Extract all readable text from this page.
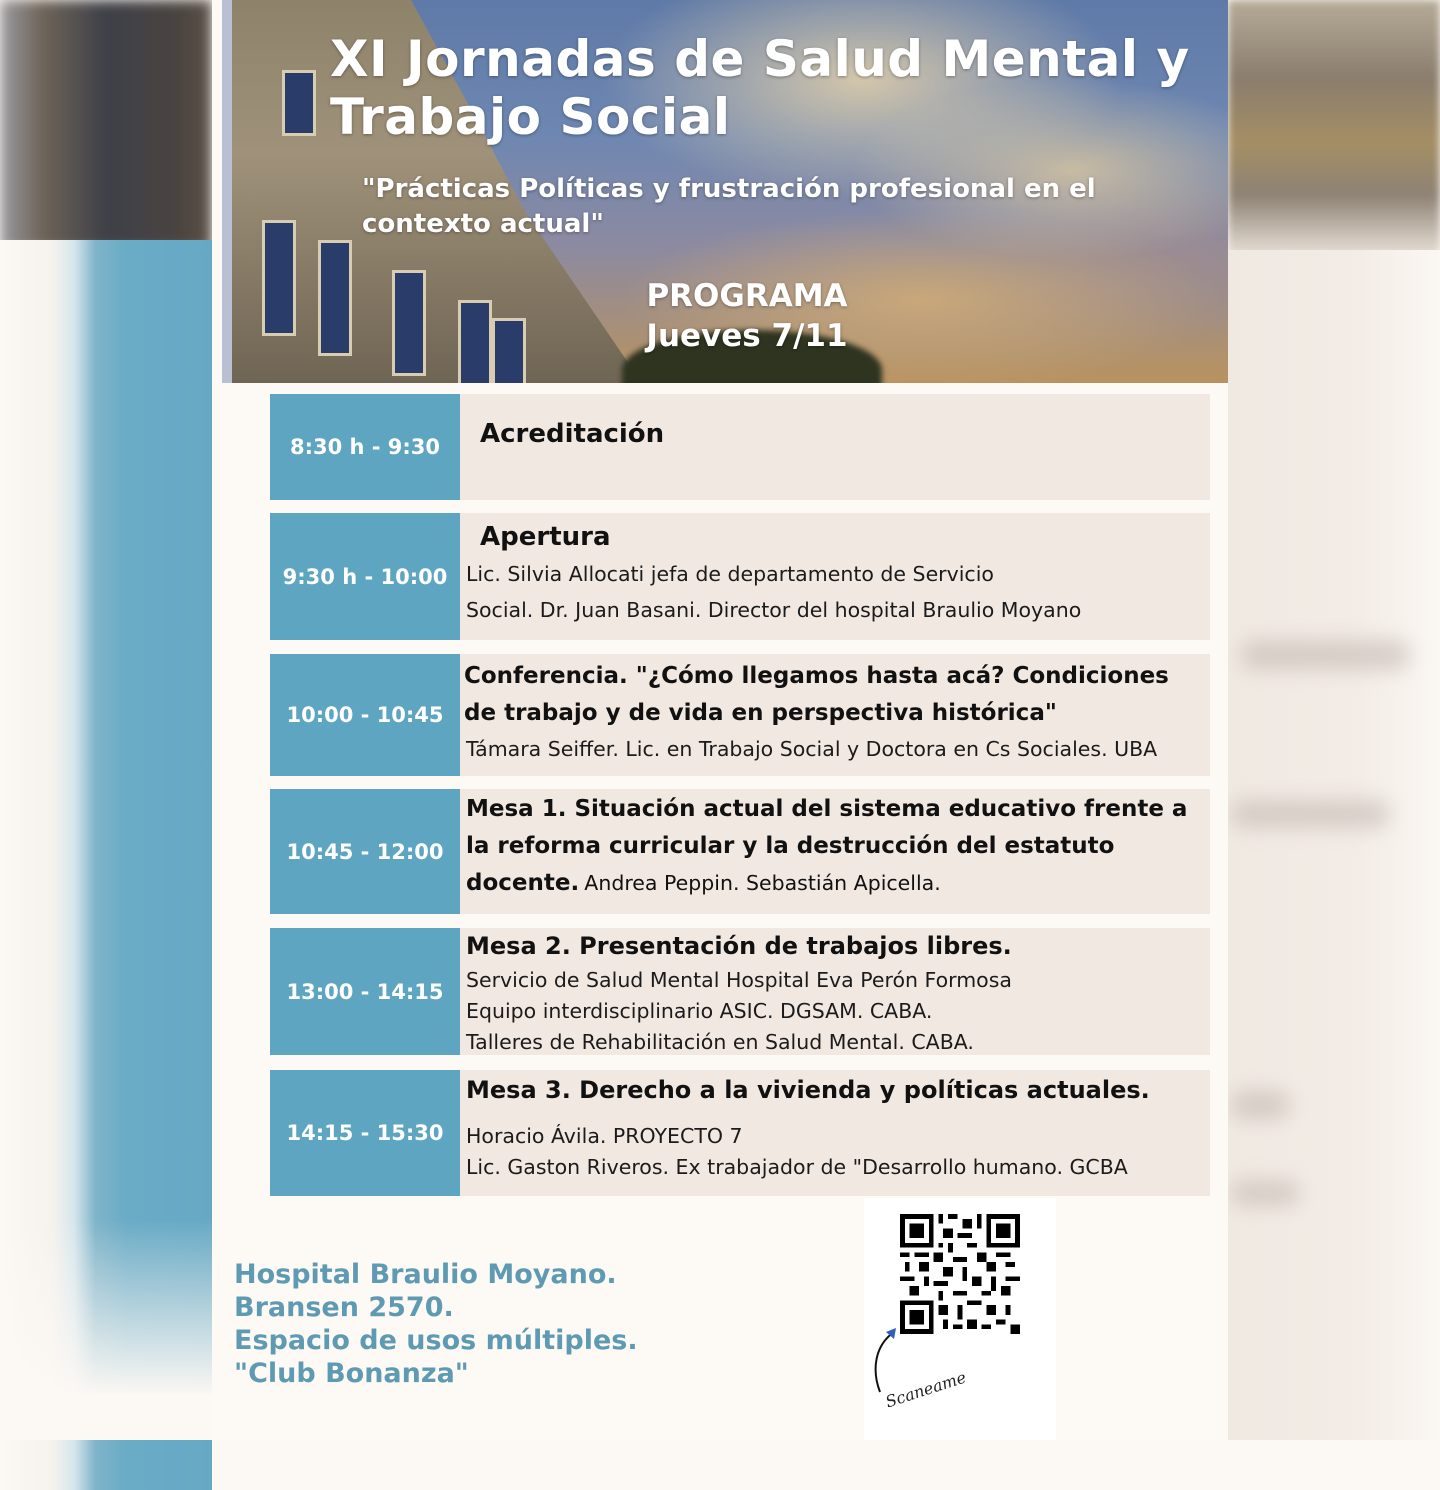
XI Jornadas de Salud Mental y
Trabajo Social
"Prácticas Políticas y frustración profesional en el
contexto actual"
PROGRAMA
Jueves 7/11
8:30 h - 9:30	Acreditación
9:30 h - 10:00
Apertura
Lic. Silvia Allocati jefa de departamento de Servicio
Social. Dr. Juan Basani. Director del hospital Braulio Moyano
10:00 - 10:45
Conferencia. "¿Cómo llegamos hasta acá? Condiciones de trabajo y de vida en perspectiva histórica"
Támara Seiffer. Lic. en Trabajo Social y Doctora en Cs Sociales. UBA
10:45 - 12:00
Mesa 1. Situación actual del sistema educativo frente a la reforma curricular y la destrucción del estatuto docente. Andrea Peppin. Sebastián Apicella.
13:00 - 14:15
Mesa 2. Presentación de trabajos libres.
Servicio de Salud Mental Hospital Eva Perón Formosa
Equipo interdisciplinario ASIC. DGSAM. CABA.
Talleres de Rehabilitación en Salud Mental. CABA.
14:15 - 15:30
Mesa 3. Derecho a la vivienda y políticas actuales.
Horacio Ávila. PROYECTO 7
Lic. Gaston Riveros. Ex trabajador de "Desarrollo humano. GCBA
Hospital Braulio Moyano.
Bransen 2570.
Espacio de usos múltiples.
"Club Bonanza"	Scaneame
